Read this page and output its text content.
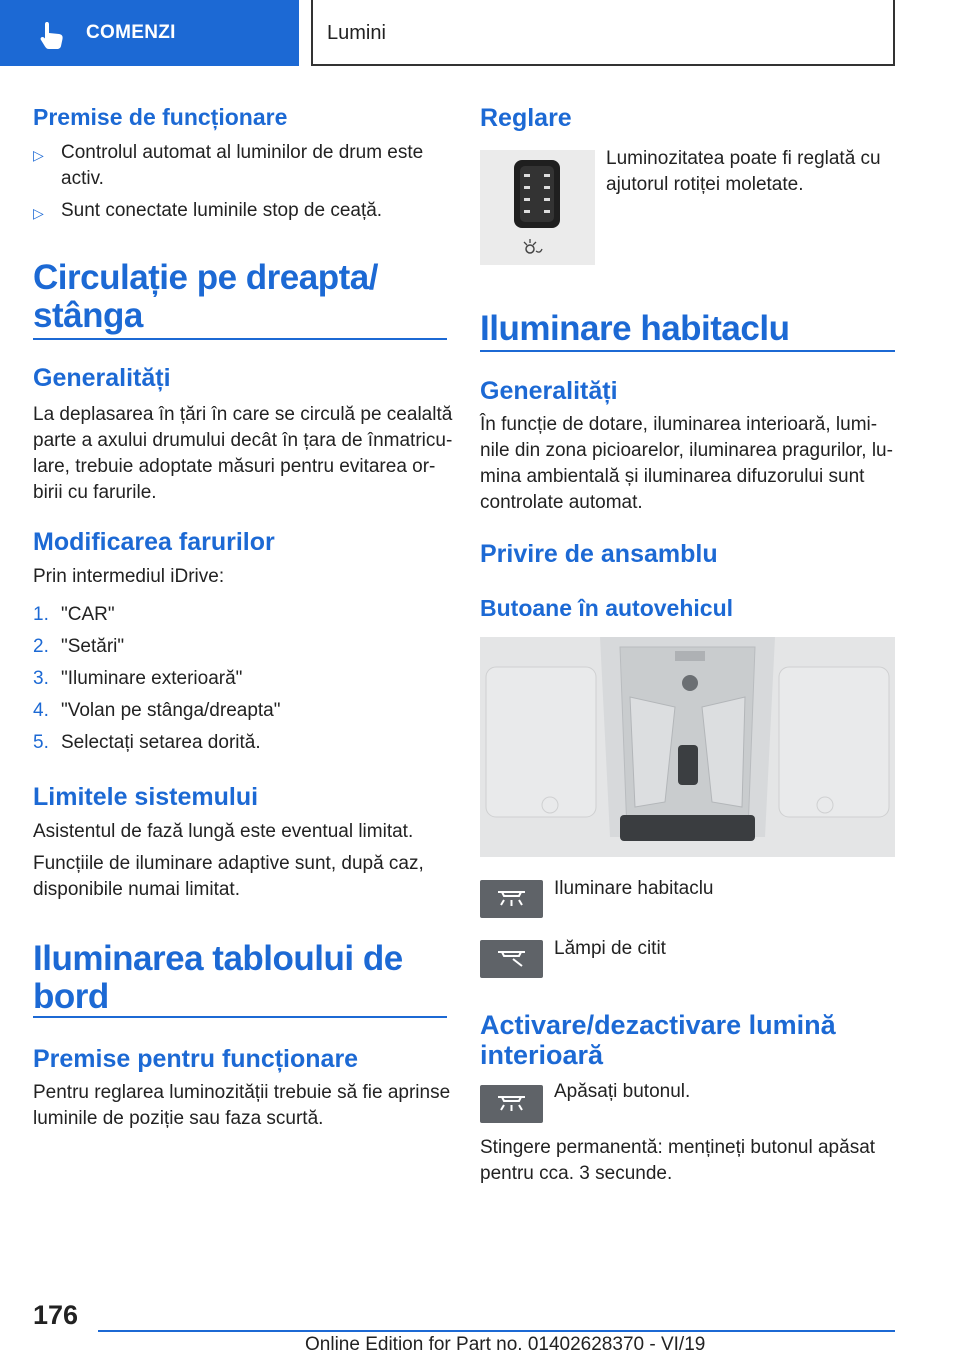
COMENZI	Lumini
Premise de funcționare
▷ Controlul automat al luminilor de drum este activ.
▷ Sunt conectate luminile stop de ceață.
Circulație pe dreapta/
stânga
Generalități
La deplasarea în țări în care se circulă pe cealaltă
parte a axului drumului decât în țara de înmatricu-
lare, trebuie adoptate măsuri pentru evitarea or-
birii cu farurile.
Modificarea farurilor
Prin intermediul iDrive:
1. "CAR"
2. "Setări"
3. "Iluminare exterioară"
4. "Volan pe stânga/dreapta"
5. Selectați setarea dorită.
Limitele sistemului
Asistentul de fază lungă este eventual limitat.
Funcțiile de iluminare adaptive sunt, după caz,
disponibile numai limitat.
Iluminarea tabloului de
bord
Premise pentru funcționare
Pentru reglarea luminozității trebuie să fie aprinse
luminile de poziție sau faza scurtă.
Reglare
Luminozitatea poate fi reglată cu
ajutorul rotiței moletate.
Iluminare habitaclu
Generalități
În funcție de dotare, iluminarea interioară, lumi-
nile din zona picioarelor, iluminarea pragurilor, lu-
mina ambientală și iluminarea difuzorului sunt
controlate automat.
Privire de ansamblu
Butoane în autovehicul
Iluminare habitaclu
Lămpi de citit
Activare/dezactivare lumină
interioară
Apăsați butonul.
Stingere permanentă: mențineți butonul apăsat
pentru cca. 3 secunde.
176
Online Edition for Part no. 01402628370 - VI/19
